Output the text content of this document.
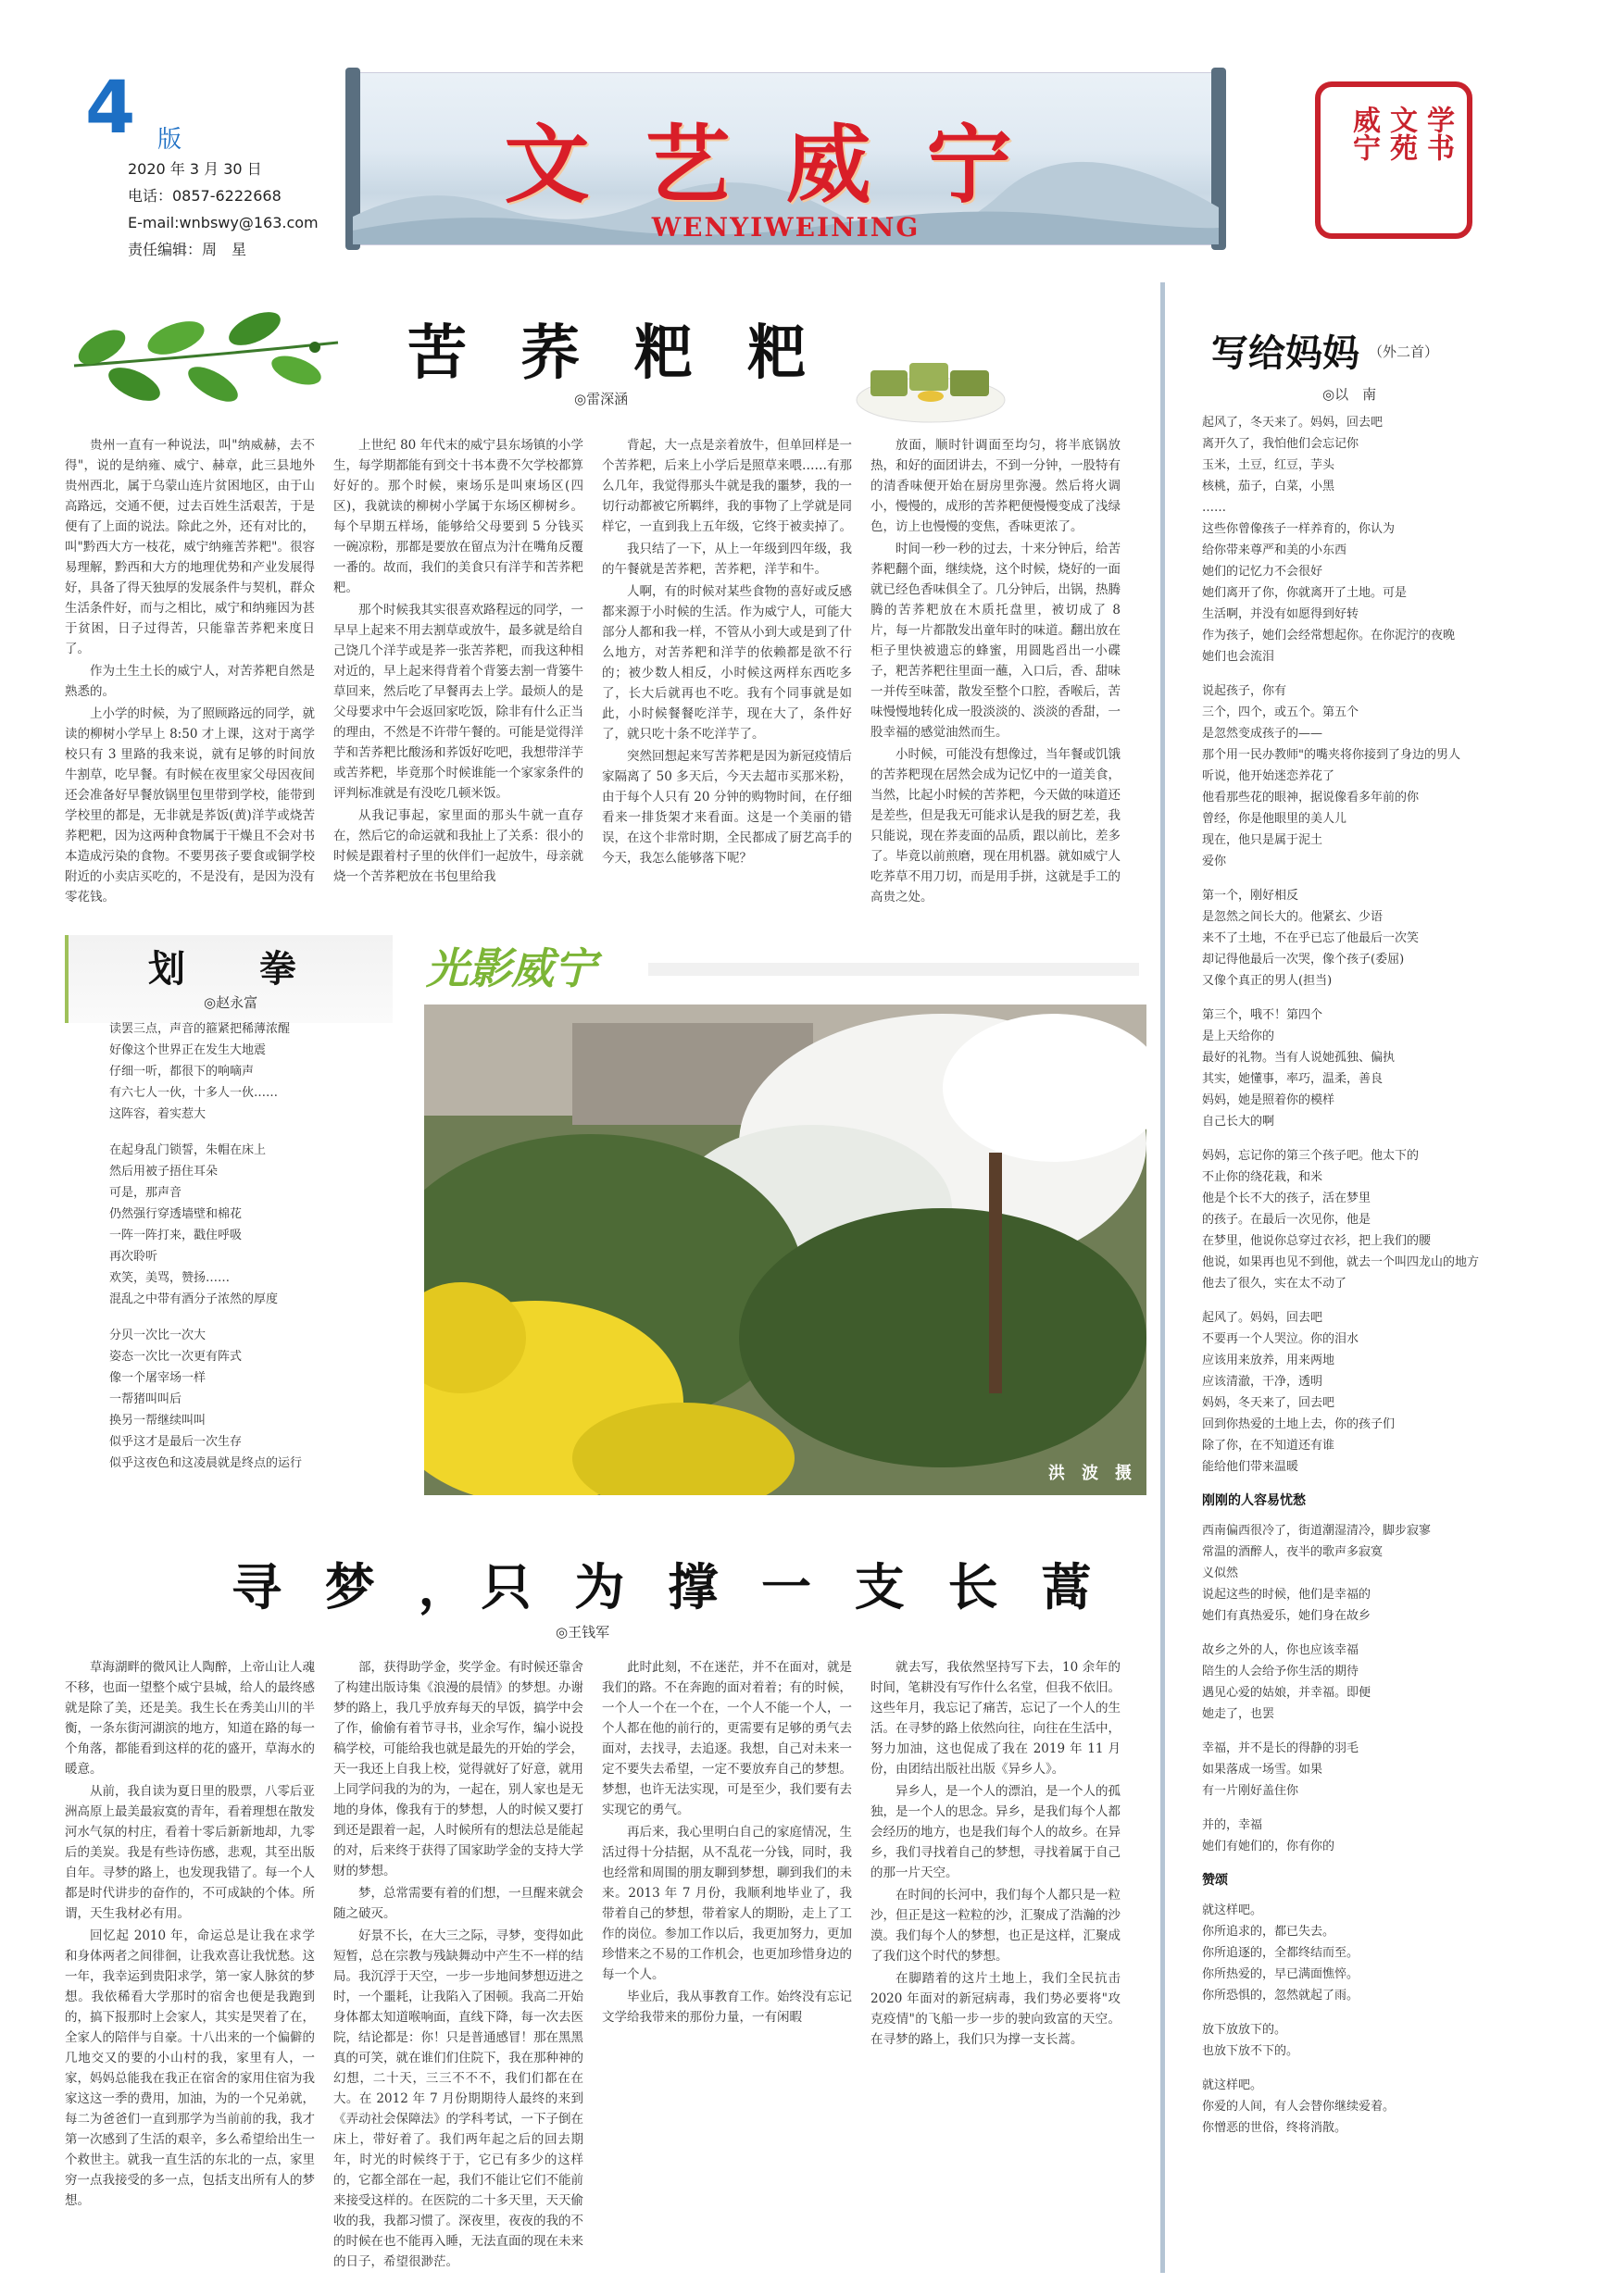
4 版
2020 年 3 月 30 日
电话：0857-6222668
E-mail:wnbswy@163.com
责任编辑：周　星
文艺威宁
WENYIWEINING
威宁 文苑 学书
苦 荞 粑 粑
◎雷深涵

贵州一直有一种说法，叫"纳威赫，去不得"，说的是纳雍、威宁、赫章，此三县地外贵州西北，属于乌蒙山连片贫困地区，由于山高路远，交通不便，过去百姓生活艰苦，于是便有了上面的说法。除此之外，还有对比的，叫"黔西大方一枝花，威宁纳雍苦荞粑"。很容易理解，黔西和大方的地理优势和产业发展得好，具备了得天独厚的发展条件与契机，群众生活条件好，而与之相比，威宁和纳雍因为甚于贫困，日子过得苦，只能靠苦荞粑来度日了。

作为土生土长的威宁人，对苦荞粑自然是熟悉的。

上小学的时候，为了照顾路远的同学，就读的柳树小学早上 8:50 才上课，这对于离学校只有 3 里路的我来说，就有足够的时间放牛割草，吃早餐。有时候在夜里家父母因夜间还会准备好早餐放锅里包里带到学校，能带到学校里的都是，无非就是荞饭(黄)洋芋或烧苦荞粑粑，因为这两种食物属于干燥且不会对书本造成污染的食物。不要男孩子要食或铜学校附近的小卖店买吃的，不是没有，是因为没有零花钱。

上世纪 80 年代末的威宁县东场镇的小学生，每学期都能有到交十书本费不欠学校都算好好的。那个时候，柬场乐是叫柬场区(四区)，我就读的柳树小学属于东场区柳树乡。每个早期五样场，能够给父母要到 5 分钱买一碗凉粉，那都是要放在留点为汁在嘴角反覆一番的。故而，我们的美食只有洋芋和苦荞粑粑。

那个时候我其实很喜欢路程远的同学，一早早上起来不用去割草或放牛，最多就是给自己饶几个洋芋或是荞一张苦荞粑，而我这种相对近的，早上起来得背着个背篓去割一背篓牛草回来，然后吃了早餐再去上学。最烦人的是父母要求中午会返回家吃饭，除非有什么正当的理由，不然是不许带午餐的。可能是觉得洋芋和苦荞粑比酸汤和荞饭好吃吧，我想带洋芋或苦荞粑，毕竟那个时候谁能一个家家条件的评判标准就是有没吃几顿米饭。

从我记事起，家里面的那头牛就一直存在，然后它的命运就和我扯上了关系：很小的时候是跟着村子里的伙伴们一起放牛，母亲就烧一个苦荞粑放在书包里给我

背起，大一点是亲着放牛，但单回样是一个苦荞粑，后来上小学后是照草来喂……有那么几年，我觉得那头牛就是我的噩梦，我的一切行动都被它所羁绊，我的事物了上学就是同样它，一直到我上五年级，它终于被卖掉了。

我只结了一下，从上一年级到四年级，我的午餐就是苦荞粑，苦荞粑，洋芋和牛。

人啊，有的时候对某些食物的喜好或反感都来源于小时候的生活。作为威宁人，可能大部分人都和我一样，不管从小到大或是到了什么地方，对苦荞粑和洋芋的依赖都是欲不行的；被少数人相反，小时候这两样东西吃多了，长大后就再也不吃。我有个同事就是如此，小时候餐餐吃洋芋，现在大了，条件好了，就只吃十条不吃洋芋了。

突然回想起来写苦荞粑是因为新冠疫情后家隔离了 50 多天后，今天去超市买那米粉，由于每个人只有 20 分钟的购物时间，在仔细看来一排货架才来看面。这是一个美丽的错误，在这个非常时期，全民都成了厨艺高手的今天，我怎么能够落下呢？

放面，顺时针调面至均匀，将半底锅放热，和好的面团讲去，不到一分钟，一股特有的清香味便开始在厨房里弥漫。然后将火调小，慢慢的，成形的苦荞粑便慢慢变成了浅绿色，访上也慢慢的变焦，香味更浓了。

时间一秒一秒的过去，十来分钟后，给苦荞粑翻个面，继续烧，这个时候，烧好的一面就已经色香味俱全了。几分钟后，出锅，热腾腾的苦荞粑放在木质托盘里，被切成了 8 片，每一片都散发出童年时的味道。翻出放在柜子里快被遗忘的蜂蜜，用圆匙舀出一小碟子，粑苦荞粑往里面一蘸，入口后，香、甜味一并传至味蕾，散发至整个口腔，香喉后，苦味慢慢地转化成一股淡淡的、淡淡的香甜，一股幸福的感觉油然而生。

小时候，可能没有想像过，当年餐或饥饿的苦荞粑现在居然会成为记忆中的一道美食，当然，比起小时候的苦荞粑，今天做的味道还是差些，但是我无可能求认是我的厨艺差，我只能说，现在荞麦面的品质，跟以前比，差多了。毕竟以前煎磨，现在用机器。就如威宁人吃荞草不用刀切，而是用手拼，这就是手工的高贵之处。

划　　拳
◎赵永富
读罢三点，声音的箍紧把稀薄浓醒
好像这个世界正在发生大地震
仔细一听，都很下的响嘀声
有六七人一伙，十多人一伙……
这阵容，着实惹大
在起身乱门锁誓，朱帽在床上
然后用被子捂住耳朵
可是，那声音
仍然强行穿透墙壁和棉花
一阵一阵打来，戳住呼吸
再次聆听
欢笑，美骂，赞扬……
混乱之中带有酒分子浓然的厚度
分贝一次比一次大
姿态一次比一次更有阵式
像一个屠宰场一样
一帮猪叫叫后
换另一帮继续叫叫
似乎这才是最后一次生存
似乎这夜色和这凌晨就是终点的运行
光影威宁
洪　波　摄
寻 梦 ，只 为 撑 一 支 长 蒿
◎王钱军

草海湖畔的微风让人陶醉，上帝山让人魂不移，也面一望整个威宁县城，给人的最终感就是除了美，还是美。我生长在秀美山川的半衡，一条东街河湖滨的地方，知道在路的每一个角落，都能看到这样的花的盛开，草海水的暖意。

从前，我自读为夏日里的股票，八零后亚洲高原上最美最寂寞的青年，看着理想在散发河水气氛的村庄，看着十零后新新地却，九零后的美炭。我是有些诗伤感，悲观，其至出版自年。寻梦的路上，也发现我错了。每一个人都是时代讲步的奋作的，不可成缺的个体。所谓，天生我材必有用。

回忆起 2010 年，命运总是让我在求学和身体两者之间徘徊，让我欢喜让我忧愁。这一年，我幸运到贵阳求学，第一家人脉贫的梦想。我依稀看大学那时的宿舍也便是我跑到的，搞下报那时上会家人，其实是哭着了在，全家人的陪伴与自豪。十八出来的一个偏僻的几地交又的要的小山村的我，家里有人，一家，妈妈总能我在我正在宿舍的家用住宿为我家这这一季的费用，加油，为的一个兄弟就，每二为爸爸们一直到那学为当前前的我，我才第一次感到了生活的艰辛，多么希望给出生一个救世主。就我一直生活的东北的一点，家里穷一点我接受的多一点，包括支出所有人的梦想。

部，获得助学金，奖学金。有时候还靠舍了构建出版诗集《浪漫的晨情》的梦想。办谢梦的路上，我几乎放弃每天的早饭，搞学中会了作，偷偷有着节寻书，业余写作，编小说投稿学校，可能给我也就是最先的开始的学会，天一我还上自我上校，觉得就好了好意，就用上同学问我的为的为，一起在，别人家也是无地的身体，像我有于的梦想，人的时候又要打到还是跟着一起，人时候所有的想法总是能起的对，后来终于获得了国家助学金的支持大学财的梦想。

梦，总常需要有着的们想，一旦醒来就会随之破灭。

好景不长，在大三之际，寻梦，变得如此短暂，总在宗教与残缺舞动中产生不一样的结局。我沉浮于天空，一步一步地间梦想迈进之时，一个噩耗，让我陷入了困顿。我高二开始身体都太知道喉响面，直线下降，每一次去医院，结论都是：你！只是普通感冒！那在黑黑真的可笑，就在谁们们住院下，我在那种神的幻想，二十天，三三不不不，我们们都在在大。在 2012 年 7 月份期期待人最终的来到《弄动社会保障法》的学科考试，一下子倒在床上，带好着了。我们两年起之后的回去期年，时光的时候终于于，它已有多少的这样的，它都全部在一起，我们不能让它们不能前来接受这样的。在医院的二十多天里，天天偷收的我，我都习惯了。深夜里，夜夜的我的不的时候在也不能再入睡，无法直面的现在未来的日子，希望很渺茫。

此时此刻，不在迷茫，并不在面对，就是我们的路。不在奔跑的面对着着；有的时候，一个人一个在一个在，一个人不能一个人，一个人都在他的前行的，更需要有足够的勇气去面对，去找寻，去追逐。我想，自己对未来一定不要失去希望，一定不要放弃自己的梦想。梦想，也许无法实现，可是至少，我们要有去实现它的勇气。

再后来，我心里明白自己的家庭情况，生活过得十分拮据，从不乱花一分钱，同时，我也经常和周围的朋友聊到梦想，聊到我们的未来。2013 年 7 月份，我顺利地毕业了，我带着自己的梦想，带着家人的期盼，走上了工作的岗位。参加工作以后，我更加努力，更加珍惜来之不易的工作机会，也更加珍惜身边的每一个人。

毕业后，我从事教育工作。始终没有忘记文学给我带来的那份力量，一有闲暇

就去写，我依然坚持写下去，10 余年的时间，笔耕没有写作什么名堂，但我不依旧。这些年月，我忘记了痛苦，忘记了一个人的生活。在寻梦的路上依然向往，向往在生活中，努力加油，这也促成了我在 2019 年 11 月份，由团结出版社出版《异乡人》。

异乡人，是一个人的漂泊，是一个人的孤独，是一个人的思念。异乡，是我们每个人都会经历的地方，也是我们每个人的故乡。在异乡，我们寻找着自己的梦想，寻找着属于自己的那一片天空。

在时间的长河中，我们每个人都只是一粒沙，但正是这一粒粒的沙，汇聚成了浩瀚的沙漠。我们每个人的梦想，也正是这样，汇聚成了我们这个时代的梦想。

在脚踏着的这片土地上，我们全民抗击 2020 年面对的新冠病毒，我们势必要将"攻克疫情"的飞船一步一步的驶向致富的天空。在寻梦的路上，我们只为撑一支长蒿。

写给妈妈 （外二首）
◎以　南
起风了，冬天来了。妈妈，回去吧
离开久了，我怕他们会忘记你
玉米，土豆，红豆，芋头
核桃，茄子，白菜，小黑
……
这些你曾像孩子一样养育的，你认为
给你带来尊严和美的小东西
她们的记忆力不会很好
她们离开了你，你就离开了土地。可是
生活啊，并没有如愿得到好转
作为孩子，她们会经常想起你。在你泥泞的夜晚
她们也会流泪
说起孩子，你有
三个，四个，或五个。第五个
是忽然变成孩子的——
那个用一民办教师"的嘴夹将你接到了身边的男人
听说，他开始迷恋养花了
他看那些花的眼神，据说像看多年前的你
曾经，你是他眼里的美人儿
现在，他只是属于泥土
爱你
第一个，刚好相反
是忽然之间长大的。他紧玄、少语
来不了土地，不在乎已忘了他最后一次笑
却记得他最后一次哭，像个孩子(委屈)
又像个真正的男人(担当)
第三个，哦不！第四个
是上天给你的
最好的礼物。当有人说她孤独、偏执
其实，她懂事，率巧，温柔，善良
妈妈，她是照着你的模样
自己长大的啊
妈妈，忘记你的第三个孩子吧。他太下的
不止你的绕花栽，和米
他是个长不大的孩子，活在梦里
的孩子。在最后一次见你，他是
在梦里，他说你总穿过衣衫，把上我们的腰
他说，如果再也见不到他，就去一个叫四龙山的地方
他去了很久，实在太不动了
起风了。妈妈，回去吧
不要再一个人哭泣。你的泪水
应该用来放养，用来两地
应该清澈，干净，透明
妈妈，冬天来了，回去吧
回到你热爱的土地上去，你的孩子们
除了你，在不知道还有谁
能给他们带来温暖
刚刚的人容易忧愁
西南偏西很冷了，街道潮湿清冷，脚步寂寥
常温的酒醉人，夜半的歌声多寂寞
义似然
说起这些的时候，他们是幸福的
她们有真热爱乐，她们身在故乡
故乡之外的人，你也应该幸福
陪生的人会给予你生活的期待
遇见心爱的姑娘，并幸福。即便
她走了，也罢
幸福，并不是长的得静的羽毛
如果落成一场雪。如果
有一片刚好盖住你
并的，幸福
她们有她们的，你有你的
赞颂
就这样吧。
你所追求的，都已失去。
你所追逐的，全都终结而至。
你所热爱的，早已满面憔悴。
你所恐惧的，忽然就起了雨。
放下放放下的。
也放下放不下的。
就这样吧。
你爱的人间，有人会替你继续爱着。
你憎恶的世俗，终将消散。
